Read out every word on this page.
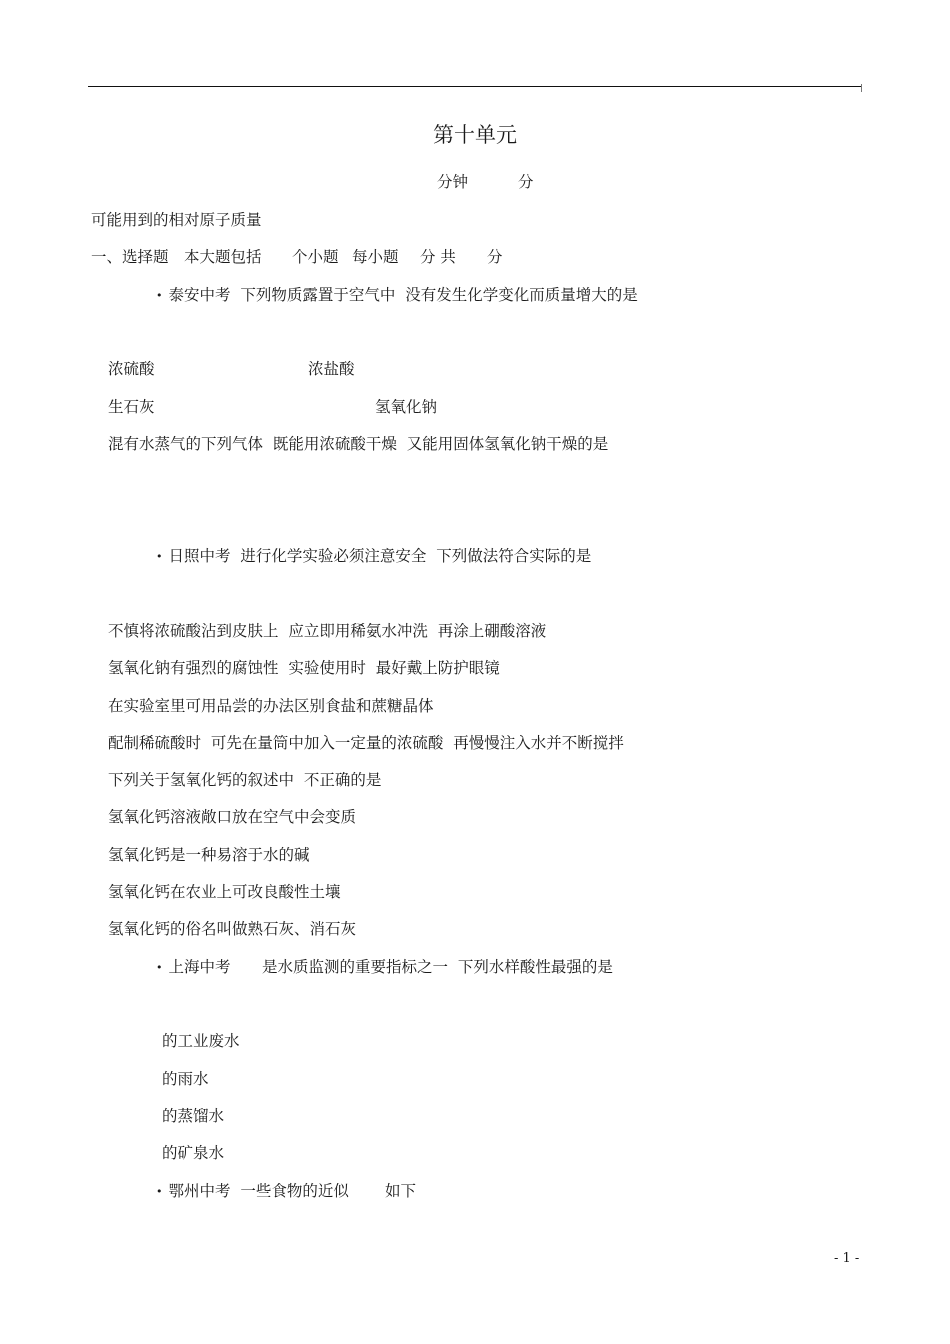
第十单元
分钟	分
可能用到的相对原子质量
一、选择题 本大题包括 个小题 每小题 分 共 分
• 泰安中考  下列物质露置于空气中  没有发生化学变化而质量增大的是
浓硫酸	浓盐酸
生石灰	氢氧化钠
混有水蒸气的下列气体  既能用浓硫酸干燥  又能用固体氢氧化钠干燥的是
• 日照中考  进行化学实验必须注意安全  下列做法符合实际的是
不慎将浓硫酸沾到皮肤上  应立即用稀氨水冲洗  再涂上硼酸溶液
氢氧化钠有强烈的腐蚀性  实验使用时  最好戴上防护眼镜
在实验室里可用品尝的办法区别食盐和蔗糖晶体
配制稀硫酸时  可先在量筒中加入一定量的浓硫酸  再慢慢注入水并不断搅拌
下列关于氢氧化钙的叙述中  不正确的是
氢氧化钙溶液敞口放在空气中会变质
氢氧化钙是一种易溶于水的碱
氢氧化钙在农业上可改良酸性土壤
氢氧化钙的俗名叫做熟石灰、消石灰
• 上海中考 是水质监测的重要指标之一  下列水样酸性最强的是
的工业废水
的雨水
的蒸馏水
的矿泉水
• 鄂州中考  一些食物的近似 如下
- 1 -
